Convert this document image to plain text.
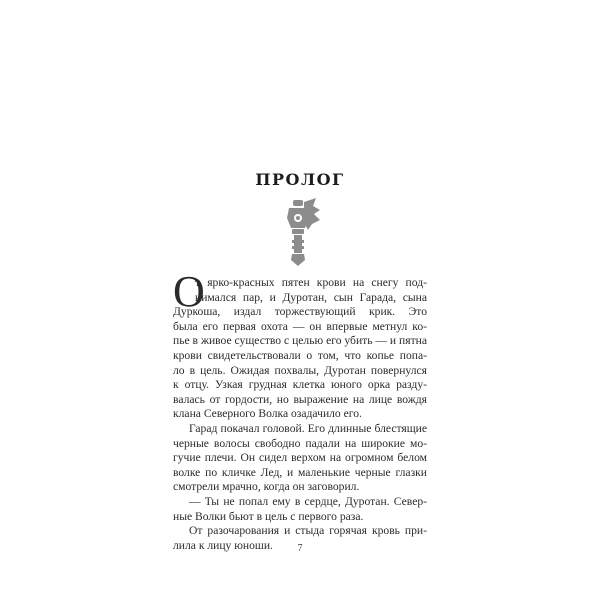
ПРОЛОГ
О
т ярко-красных пятен крови на снегу под-
нимался пар, и Дуротан, сын Гарада, сына
Дуркоша, издал торжествующий крик. Это
была его первая охота — он впервые метнул ко-
пье в живое существо с целью его убить — и пятна
крови свидетельствовали о том, что копье попа-
ло в цель. Ожидая похвалы, Дуротан повернулся
к отцу. Узкая грудная клетка юного орка разду-
валась от гордости, но выражение на лице вождя
клана Северного Волка озадачило его.
Гарад покачал головой. Его длинные блестящие
черные волосы свободно падали на широкие мо-
гучие плечи. Он сидел верхом на огромном белом
волке по кличке Лед, и маленькие черные глазки
смотрели мрачно, когда он заговорил.
— Ты не попал ему в сердце, Дуротан. Север-
ные Волки бьют в цель с первого раза.
От разочарования и стыда горячая кровь при-
лила к лицу юноши.	7
